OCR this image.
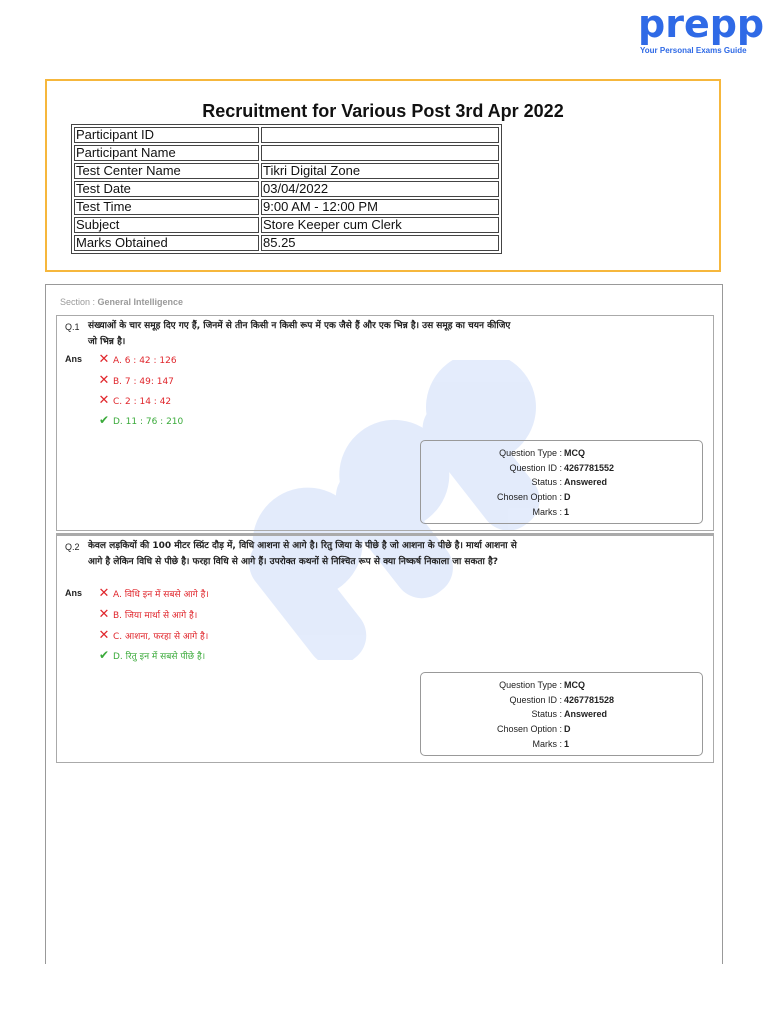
prepp
Your Personal Exams Guide
Recruitment for Various Post 3rd Apr 2022
Participant ID	
Participant Name	
Test Center Name	Tikri Digital Zone
Test Date	03/04/2022
Test Time	9:00 AM - 12:00 PM
Subject	Store Keeper cum Clerk
Marks Obtained	85.25
Section : General Intelligence
Q.1 संख्याओं के चार समूह दिए गए हैं, जिनमें से तीन किसी न किसी रूप में एक जैसे हैं और एक भिन्न है। उस समूह का चयन कीजिए जो भिन्न है।
Ans ✕ A. 6 : 42 : 126
✕ B. 7 : 49: 147
✕ C. 2 : 14 : 42
✔ D. 11 : 76 : 210
Question Type : MCQ
Question ID : 4267781552
Status : Answered
Chosen Option : D
Marks : 1
Q.2 केवल लड़कियों की 100 मीटर स्प्रिंट दौड़ में, विधि आशना से आगे है। रितु जिया के पीछे है जो आशना के पीछे है। मार्था आशना से आगे है लेकिन विधि से पीछे है। फरहा विधि से आगे हैं। उपरोक्त कथनों से निश्चित रूप से क्या निष्कर्ष निकाला जा सकता है?
Ans ✕ A. विधि इन में सबसे आगे है।
✕ B. जिया मार्था से आगे है।
✕ C. आशना, फरहा से आगे है।
✔ D. रितु इन में सबसे पीछे है।
Question Type : MCQ
Question ID : 4267781528
Status : Answered
Chosen Option : D
Marks : 1
